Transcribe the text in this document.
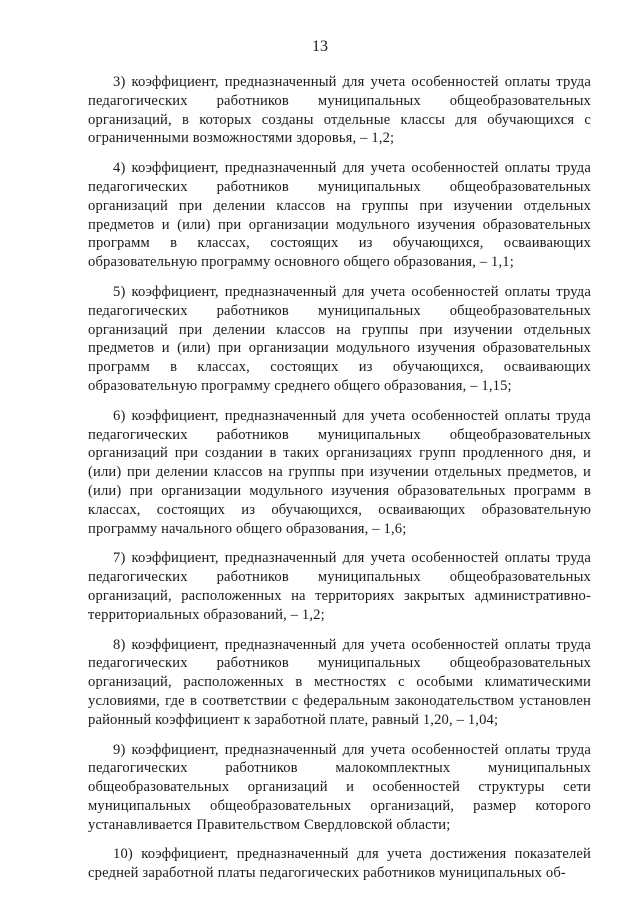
13

3) коэффициент, предназначенный для учета особенностей оплаты труда педагогических работников муниципальных общеобразовательных организаций, в которых созданы отдельные классы для обучающихся с ограниченными возможностями здоровья, – 1,2;

4) коэффициент, предназначенный для учета особенностей оплаты труда педагогических работников муниципальных общеобразовательных организаций при делении классов на группы при изучении отдельных предметов и (или) при организации модульного изучения образовательных программ в классах, состоящих из обучающихся, осваивающих образовательную программу основного общего образования, – 1,1;

5) коэффициент, предназначенный для учета особенностей оплаты труда педагогических работников муниципальных общеобразовательных организаций при делении классов на группы при изучении отдельных предметов и (или) при организации модульного изучения образовательных программ в классах, состоящих из обучающихся, осваивающих образовательную программу среднего общего образования, – 1,15;

6) коэффициент, предназначенный для учета особенностей оплаты труда педагогических работников муниципальных общеобразовательных организаций при создании в таких организациях групп продленного дня, и (или) при делении классов на группы при изучении отдельных предметов, и (или) при организации модульного изучения образовательных программ в классах, состоящих из обучающихся, осваивающих образовательную программу начального общего образования, – 1,6;

7) коэффициент, предназначенный для учета особенностей оплаты труда педагогических работников муниципальных общеобразовательных организаций, расположенных на территориях закрытых административно-территориальных образований, – 1,2;

8) коэффициент, предназначенный для учета особенностей оплаты труда педагогических работников муниципальных общеобразовательных организаций, расположенных в местностях с особыми климатическими условиями, где в соответствии с федеральным законодательством установлен районный коэффициент к заработной плате, равный 1,20, – 1,04;

9) коэффициент, предназначенный для учета особенностей оплаты труда педагогических работников малокомплектных муниципальных общеобразовательных организаций и особенностей структуры сети муниципальных общеобразовательных организаций, размер которого устанавливается Правительством Свердловской области;

10) коэффициент, предназначенный для учета достижения показателей средней заработной платы педагогических работников муниципальных об-
